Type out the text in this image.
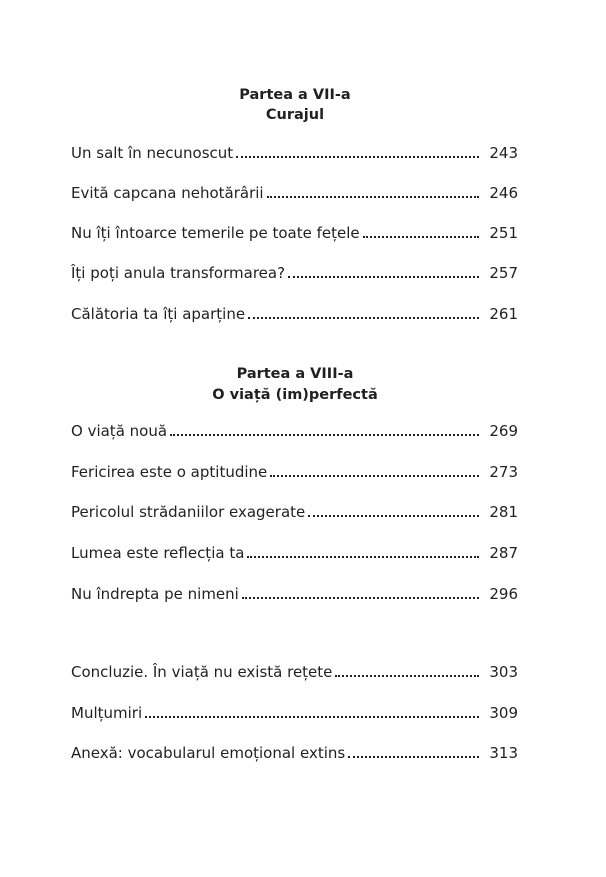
Partea a VII-a
Curajul
Un salt în necunoscut	243
Evită capcana nehotărârii	246
Nu îți întoarce temerile pe toate fețele	251
Îți poți anula transformarea?	257
Călătoria ta îți aparține	261
Partea a VIII-a
O viață (im)perfectă
O viață nouă	269
Fericirea este o aptitudine	273
Pericolul strădaniilor exagerate	281
Lumea este reflecția ta	287
Nu îndrepta pe nimeni	296
Concluzie. În viață nu există rețete	303
Mulțumiri	309
Anexă: vocabularul emoțional extins	313
